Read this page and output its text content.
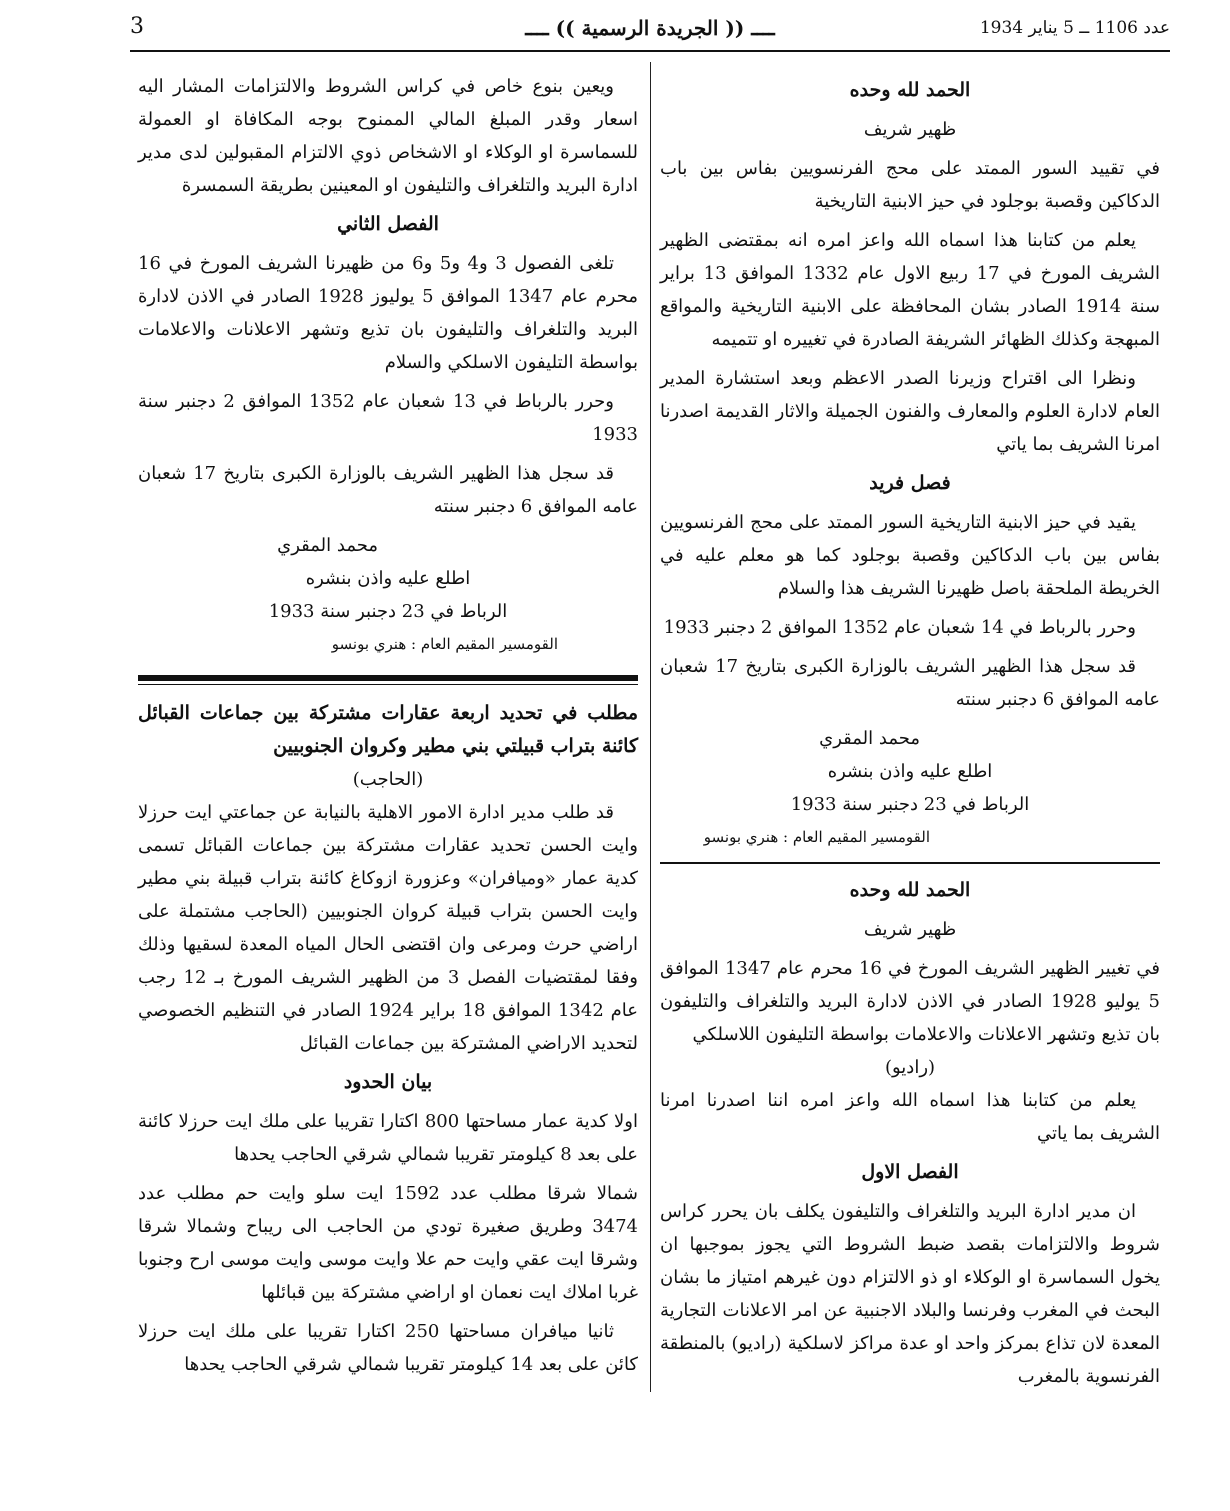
عدد 1106 ــ 5 يناير 1934
ــــ (( الجريدة الرسمية )) ــــ
3
الحمد لله وحده
ظهير شريف

في تقييد السور الممتد على محج الفرنسويين بفاس بين باب الدكاكين وقصبة بوجلود في حيز الابنية التاريخية

يعلم من كتابنا هذا اسماه الله واعز امره انه بمقتضى الظهير الشريف المورخ في 17 ربيع الاول عام 1332 الموافق 13 براير سنة 1914 الصادر بشان المحافظة على الابنية التاريخية والمواقع المبهجة وكذلك الظهائر الشريفة الصادرة في تغييره او تتميمه

ونظرا الى اقتراح وزيرنا الصدر الاعظم وبعد استشارة المدير العام لادارة العلوم والمعارف والفنون الجميلة والاثار القديمة اصدرنا امرنا الشريف بما ياتي

فصل فريد

يقيد في حيز الابنية التاريخية السور الممتد على محج الفرنسويين بفاس بين باب الدكاكين وقصبة بوجلود كما هو معلم عليه في الخريطة الملحقة باصل ظهيرنا الشريف هذا والسلام

وحرر بالرباط في 14 شعبان عام 1352 الموافق 2 دجنبر 1933

قد سجل هذا الظهير الشريف بالوزارة الكبرى بتاريخ 17 شعبان عامه الموافق 6 دجنبر سنته

محمد المقري
اطلع عليه واذن بنشره
الرباط في 23 دجنبر سنة 1933
القومسير المقيم العام : هنري بونسو
الحمد لله وحده
ظهير شريف

في تغيير الظهير الشريف المورخ في 16 محرم عام 1347 الموافق 5 يوليو 1928 الصادر في الاذن لادارة البريد والتلغراف والتليفون بان تذيع وتشهر الاعلانات والاعلامات بواسطة التليفون اللاسلكي

(راديو)

يعلم من كتابنا هذا اسماه الله واعز امره اننا اصدرنا امرنا الشريف بما ياتي

الفصل الاول

ان مدير ادارة البريد والتلغراف والتليفون يكلف بان يحرر كراس شروط والالتزامات بقصد ضبط الشروط التي يجوز بموجبها ان يخول السماسرة او الوكلاء او ذو الالتزام دون غيرهم امتياز ما بشان البحث في المغرب وفرنسا والبلاد الاجنبية عن امر الاعلانات التجارية المعدة لان تذاع بمركز واحد او عدة مراكز لاسلكية (راديو) بالمنطقة الفرنسوية بالمغرب

ويعين بنوع خاص في كراس الشروط والالتزامات المشار اليه اسعار وقدر المبلغ المالي الممنوح بوجه المكافاة او العمولة للسماسرة او الوكلاء او الاشخاص ذوي الالتزام المقبولين لدى مدير ادارة البريد والتلغراف والتليفون او المعينين بطريقة السمسرة

الفصل الثاني

تلغى الفصول 3 و4 و5 و6 من ظهيرنا الشريف المورخ في 16 محرم عام 1347 الموافق 5 يوليوز 1928 الصادر في الاذن لادارة البريد والتلغراف والتليفون بان تذيع وتشهر الاعلانات والاعلامات بواسطة التليفون الاسلكي والسلام

وحرر بالرباط في 13 شعبان عام 1352 الموافق 2 دجنبر سنة 1933

قد سجل هذا الظهير الشريف بالوزارة الكبرى بتاريخ 17 شعبان عامه الموافق 6 دجنبر سنته

محمد المقري
اطلع عليه واذن بنشره
الرباط في 23 دجنبر سنة 1933
القومسير المقيم العام : هنري بونسو

مطلب في تحديد اربعة عقارات مشتركة بين جماعات القبائل كائنة بتراب قبيلتي بني مطير وكروان الجنوبيين

(الحاجب)

قد طلب مدير ادارة الامور الاهلية بالنيابة عن جماعتي ايت حرزلا وايت الحسن تحديد عقارات مشتركة بين جماعات القبائل تسمى كدية عمار «وميافران» وعزورة ازوكاغ كائنة بتراب قبيلة بني مطير وايت الحسن بتراب قبيلة كروان الجنوبيين (الحاجب مشتملة على اراضي حرث ومرعى وان اقتضى الحال المياه المعدة لسقيها وذلك وفقا لمقتضيات الفصل 3 من الظهير الشريف المورخ بـ 12 رجب عام 1342 الموافق 18 براير 1924 الصادر في التنظيم الخصوصي لتحديد الاراضي المشتركة بين جماعات القبائل

بيان الحدود

اولا كدية عمار مساحتها 800 اكتارا تقريبا على ملك ايت حرزلا كائنة على بعد 8 كيلومتر تقريبا شمالي شرقي الحاجب يحدها

شمالا شرقا مطلب عدد 1592 ايت سلو وايت حم مطلب عدد 3474 وطريق صغيرة تودي من الحاجب الى ريباح وشمالا شرقا وشرقا ايت عقي وايت حم علا وايت موسى وايت موسى ارح وجنوبا غربا املاك ايت نعمان او اراضي مشتركة بين قبائلها

ثانيا ميافران مساحتها 250 اكتارا تقريبا على ملك ايت حرزلا كائن على بعد 14 كيلومتر تقريبا شمالي شرقي الحاجب يحدها
